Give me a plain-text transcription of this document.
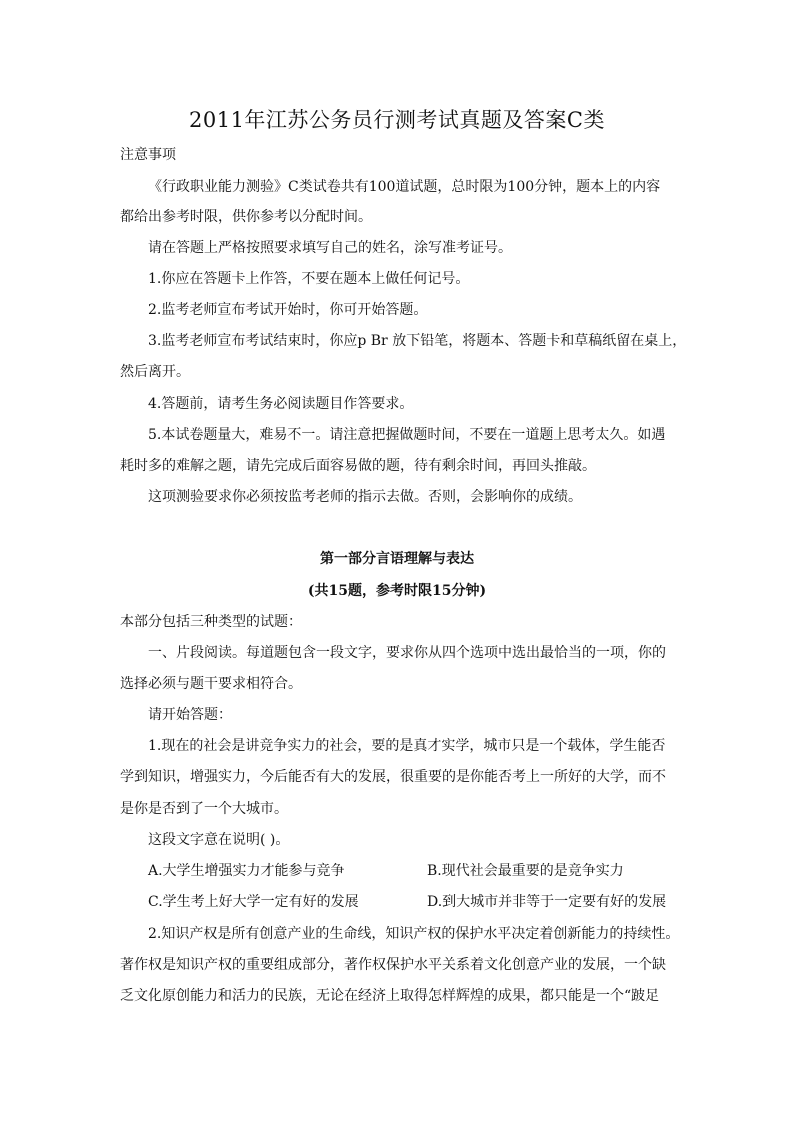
2011年江苏公务员行测考试真题及答案C类
注意事项
《行政职业能力测验》C类试卷共有100道试题，总时限为100分钟，题本上的内容
都给出参考时限，供你参考以分配时间。
请在答题上严格按照要求填写自己的姓名，涂写准考证号。
1.你应在答题卡上作答，不要在题本上做任何记号。
2.监考老师宣布考试开始时，你可开始答题。
3.监考老师宣布考试结束时，你应p Br 放下铅笔，将题本、答题卡和草稿纸留在桌上，
然后离开。
4.答题前，请考生务必阅读题目作答要求。
5.本试卷题量大，难易不一。请注意把握做题时间，不要在一道题上思考太久。如遇
耗时多的难解之题，请先完成后面容易做的题，待有剩余时间，再回头推敲。
这项测验要求你必须按监考老师的指示去做。否则，会影响你的成绩。
第一部分言语理解与表达
(共15题，参考时限15分钟)
本部分包括三种类型的试题：
一、片段阅读。每道题包含一段文字，要求你从四个选项中选出最恰当的一项，你的
选择必须与题干要求相符合。
请开始答题：
1.现在的社会是讲竞争实力的社会，要的是真才实学，城市只是一个载体，学生能否
学到知识，增强实力，今后能否有大的发展，很重要的是你能否考上一所好的大学，而不
是你是否到了一个大城市。
这段文字意在说明( )。
A.大学生增强实力才能参与竞争	B.现代社会最重要的是竞争实力
C.学生考上好大学一定有好的发展	D.到大城市并非等于一定要有好的发展
2.知识产权是所有创意产业的生命线，知识产权的保护水平决定着创新能力的持续性。
著作权是知识产权的重要组成部分，著作权保护水平关系着文化创意产业的发展，一个缺
乏文化原创能力和活力的民族，无论在经济上取得怎样辉煌的成果，都只能是一个“跛足
